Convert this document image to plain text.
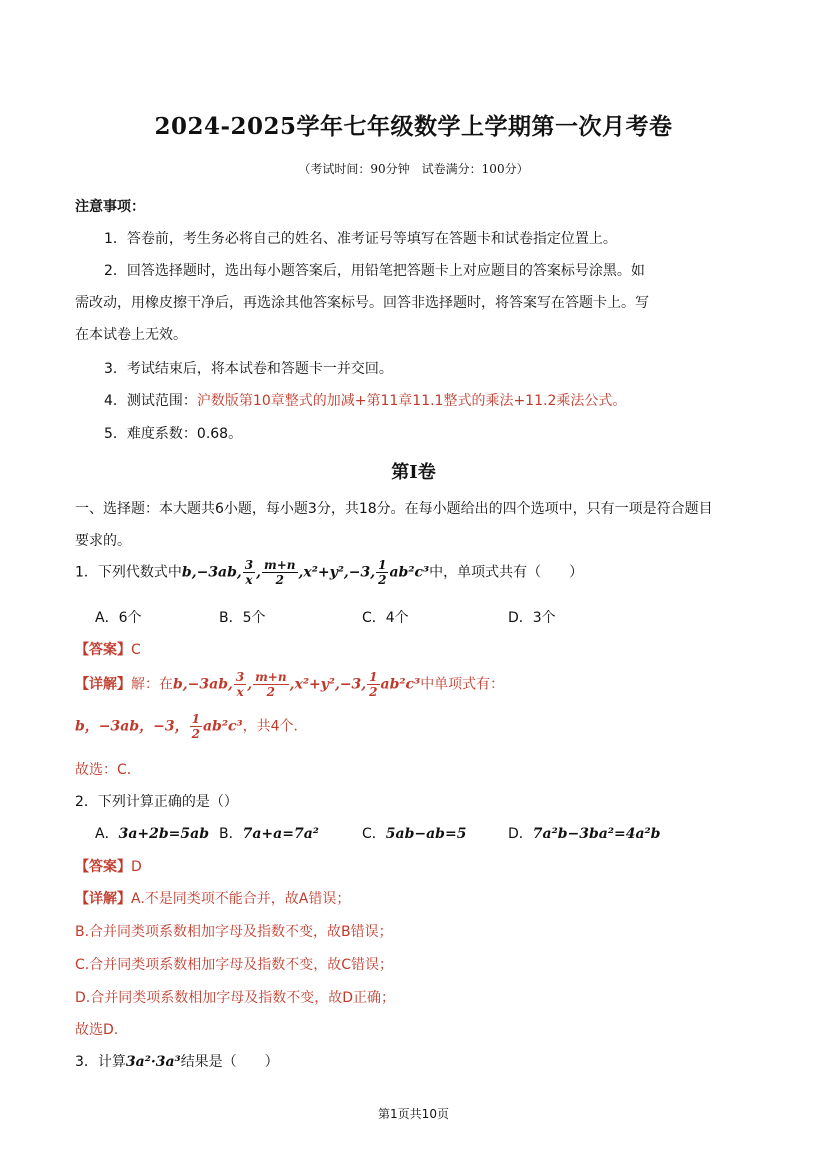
2024-2025学年七年级数学上学期第一次月考卷
（考试时间：90分钟　试卷满分：100分）
注意事项：
1．答卷前，考生务必将自己的姓名、准考证号等填写在答题卡和试卷指定位置上。
2．回答选择题时，选出每小题答案后，用铅笔把答题卡上对应题目的答案标号涂黑。如
需改动，用橡皮擦干净后，再选涂其他答案标号。回答非选择题时，将答案写在答题卡上。写
在本试卷上无效。
3．考试结束后，将本试卷和答题卡一并交回。
4．测试范围：沪数版第10章整式的加减+第11章11.1整式的乘法+11.2乘法公式。
5．难度系数：0.68。
第Ⅰ卷
一、选择题：本大题共6小题，每小题3分，共18分。在每小题给出的四个选项中，只有一项是符合题目
要求的。
1．下列代数式中b,−3ab, $\frac{3}{x}$ , $\frac{m+n}{2} ,x^2+y^2,-3$, $\frac{1}{2} ab^2c^3$中，单项式共有（　　）
A．6个	B．5个	C．4个	D．3个
【答案】C
【详解】解：在b,−3ab, $\frac{3}{x}$ , $\frac{m+n}{2} ,x^2+y^2,-3$, $\frac{1}{2} ab^2c^3$中单项式有：
b，−3ab，−3， $\frac{1}{2} ab^2c^3$，共4个．
故选：C．
2．下列计算正确的是（）
A．3a+2b=5ab B．7a+a=7a²	C．5ab−ab=5	D．7a²b−3ba²=4a²b
【答案】D
【详解】A.不是同类项不能合并，故A错误；
B.合并同类项系数相加字母及指数不变，故B错误；
C.合并同类项系数相加字母及指数不变，故C错误；
D.合并同类项系数相加字母及指数不变，故D正确；
故选D.
3．计算3a²·3a³结果是（　　）
第1页共10页
